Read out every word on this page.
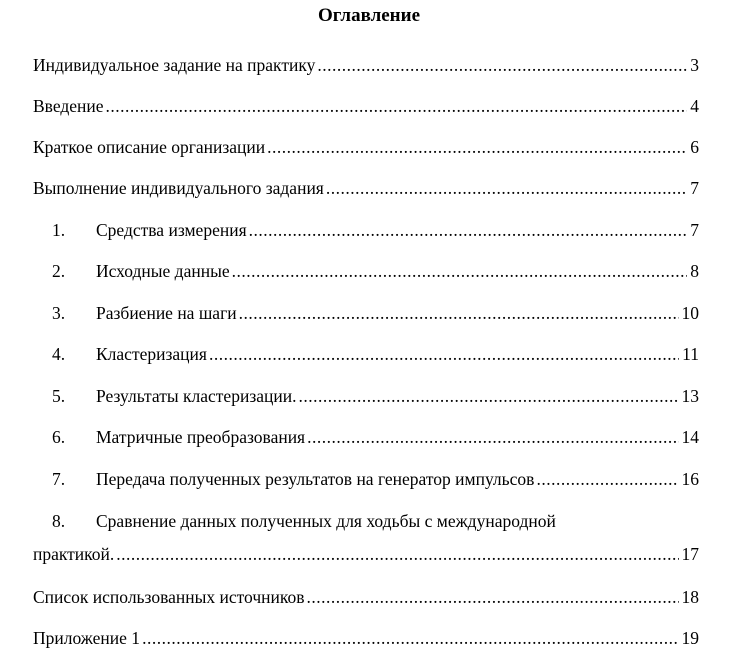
Оглавление
Индивидуальное задание на практику .....	3
Введение .....	4
Краткое описание организации .....	6
Выполнение индивидуального задания .....	7
1.	Средства измерения .....	7
2.	Исходные данные .....	8
3.	Разбиение на шаги .....	10
4.	Кластеризация .....	11
5.	Результаты кластеризации. .....	13
6.	Матричные преобразования .....	14
7.	Передача полученных результатов на генератор импульсов .....	16
8. Сравнение данных полученных для ходьбы с международной
практикой. .....	17
Список использованных источников .....	18
Приложение 1 .....	19
